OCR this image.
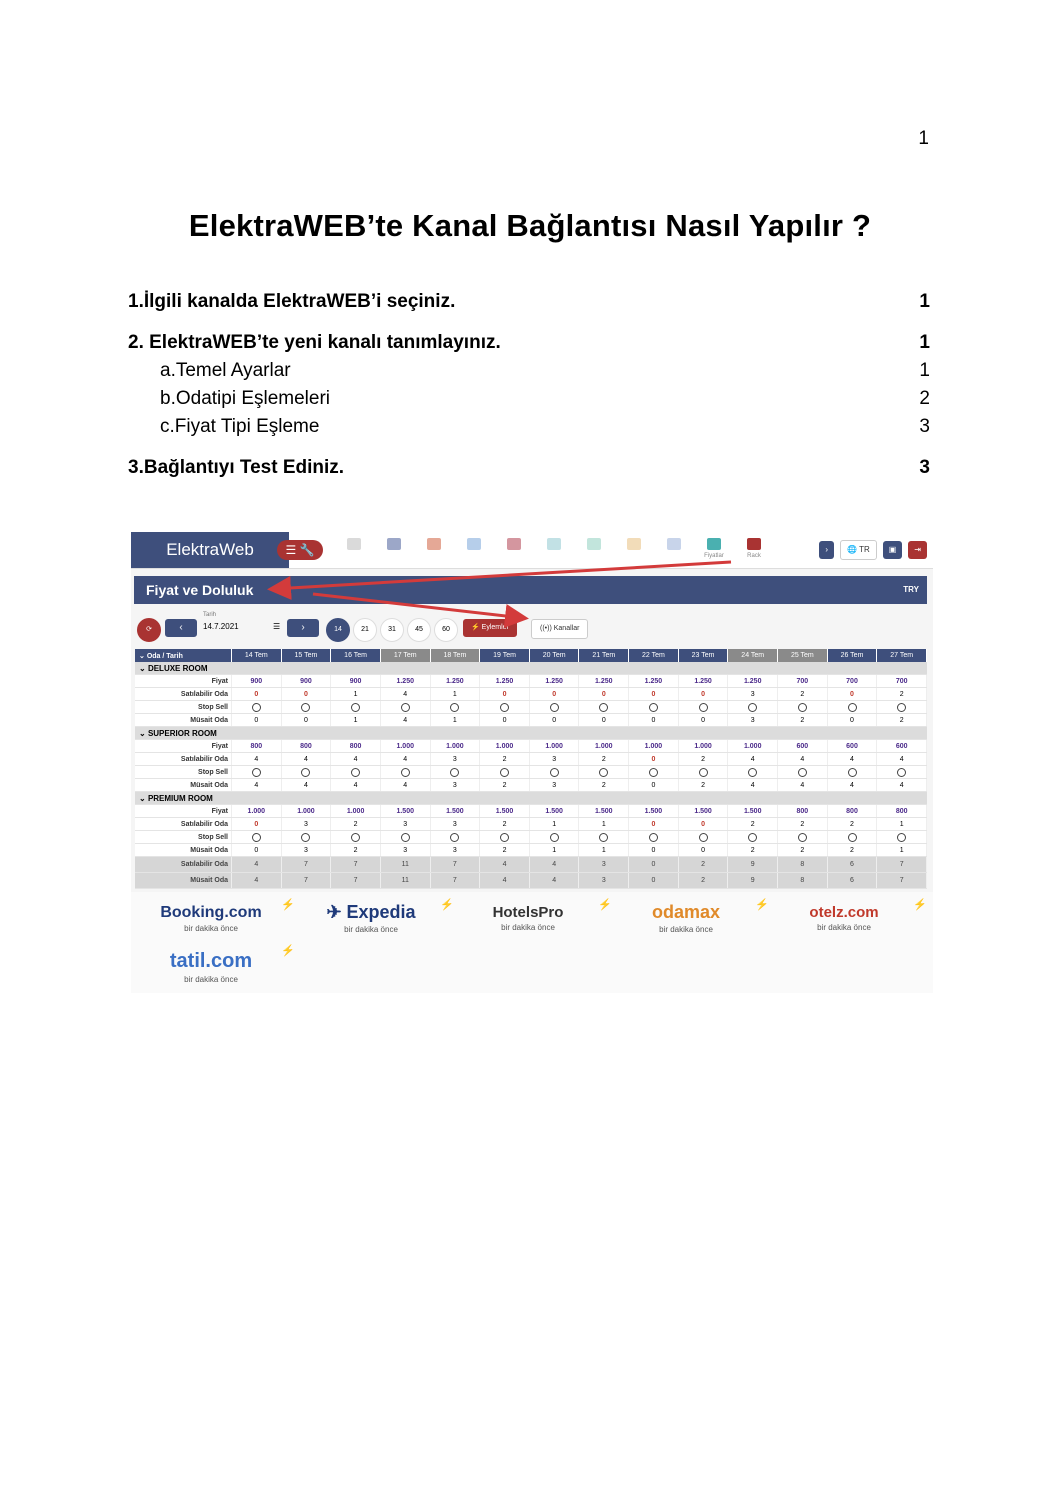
1
ElektraWEB’te Kanal Bağlantısı Nasıl Yapılır ?
1.İlgili kanalda ElektraWEB’i seçiniz.	1
2. ElektraWEB’te yeni kanalı tanımlayınız.	1
a.Temel Ayarlar	1
b.Odatipi Eşlemeleri	2
c.Fiyat Tipi Eşleme	3
3.Bağlantıyı Test Ediniz.	3
ElektraWeb	☰ 🔧	Fiyatlar	Rack
›	🌐 TR	▣	⇥
Fiyat ve Doluluk	TRY
⟳	‹
Tarih
14.7.2021	☰	›	14	21	31	45	60	⚡ Eylemler	((•)) Kanallar
⌄ Oda / Tarih	14 Tem	15 Tem	16 Tem	17 Tem	18 Tem	19 Tem	20 Tem	21 Tem	22 Tem	23 Tem	24 Tem	25 Tem	26 Tem	27 Tem
⌄ DELUXE ROOM														
Fiyat	900	900	900	1.250	1.250	1.250	1.250	1.250	1.250	1.250	1.250	700	700	700
Satılabilir Oda	0	0	1	4	1	0	0	0	0	0	3	2	0	2
Stop Sell														
Müsait Oda	0	0	1	4	1	0	0	0	0	0	3	2	0	2
⌄ SUPERIOR ROOM														
Fiyat	800	800	800	1.000	1.000	1.000	1.000	1.000	1.000	1.000	1.000	600	600	600
Satılabilir Oda	4	4	4	4	3	2	3	2	0	2	4	4	4	4
Stop Sell														
Müsait Oda	4	4	4	4	3	2	3	2	0	2	4	4	4	4
⌄ PREMIUM ROOM														
Fiyat	1.000	1.000	1.000	1.500	1.500	1.500	1.500	1.500	1.500	1.500	1.500	800	800	800
Satılabilir Oda	0	3	2	3	3	2	1	1	0	0	2	2	2	1
Stop Sell														
Müsait Oda	0	3	2	3	3	2	1	1	0	0	2	2	2	1
Satılabilir Oda	4	7	7	11	7	4	4	3	0	2	9	8	6	7
Müsait Oda	4	7	7	11	7	4	4	3	0	2	9	8	6	7
Booking.com
bir dakika önce
⚡	✈ Expedia
bir dakika önce
⚡	HotelsPro
bir dakika önce
⚡	odamax
bir dakika önce
⚡	otelz.com
bir dakika önce
⚡
tatil.com
bir dakika önce
⚡
